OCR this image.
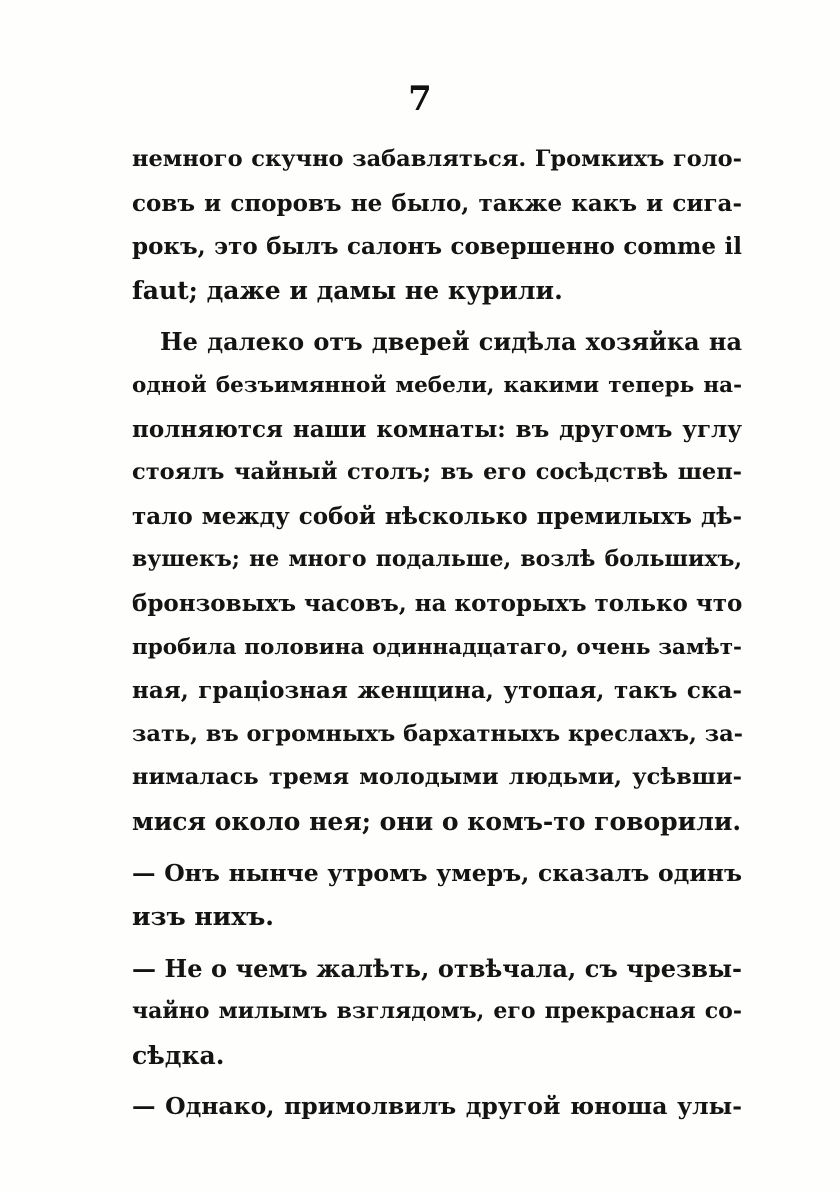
7
немного скучно забавляться. Громкихъ голо-
совъ и споровъ не было, также какъ и сига-
рокъ, это былъ салонъ совершенно comme il
faut; даже и дамы не курили.
Не далеко отъ дверей сидѣла хозяйка на
одной безъимянной мебели, какими теперь на-
полняются наши комнаты: въ другомъ углу
стоялъ чайный столъ; въ его сосѣдствѣ шеп-
тало между собой нѣсколько премилыхъ дѣ-
вушекъ; не много подальше, возлѣ большихъ,
бронзовыхъ часовъ, на которыхъ только что
пробила половина одиннадцатаго, очень замѣт-
ная, граціозная женщина, утопая, такъ ска-
зать, въ огромныхъ бархатныхъ креслахъ, за-
нималась тремя молодыми людьми, усѣвши-
мися около нея; они о комъ-то говорили.
— Онъ нынче утромъ умеръ, сказалъ одинъ
изъ нихъ.
— Не о чемъ жалѣть, отвѣчала, съ чрезвы-
чайно милымъ взглядомъ, его прекрасная со-
сѣдка.
— Однако, примолвилъ другой юноша улы-
